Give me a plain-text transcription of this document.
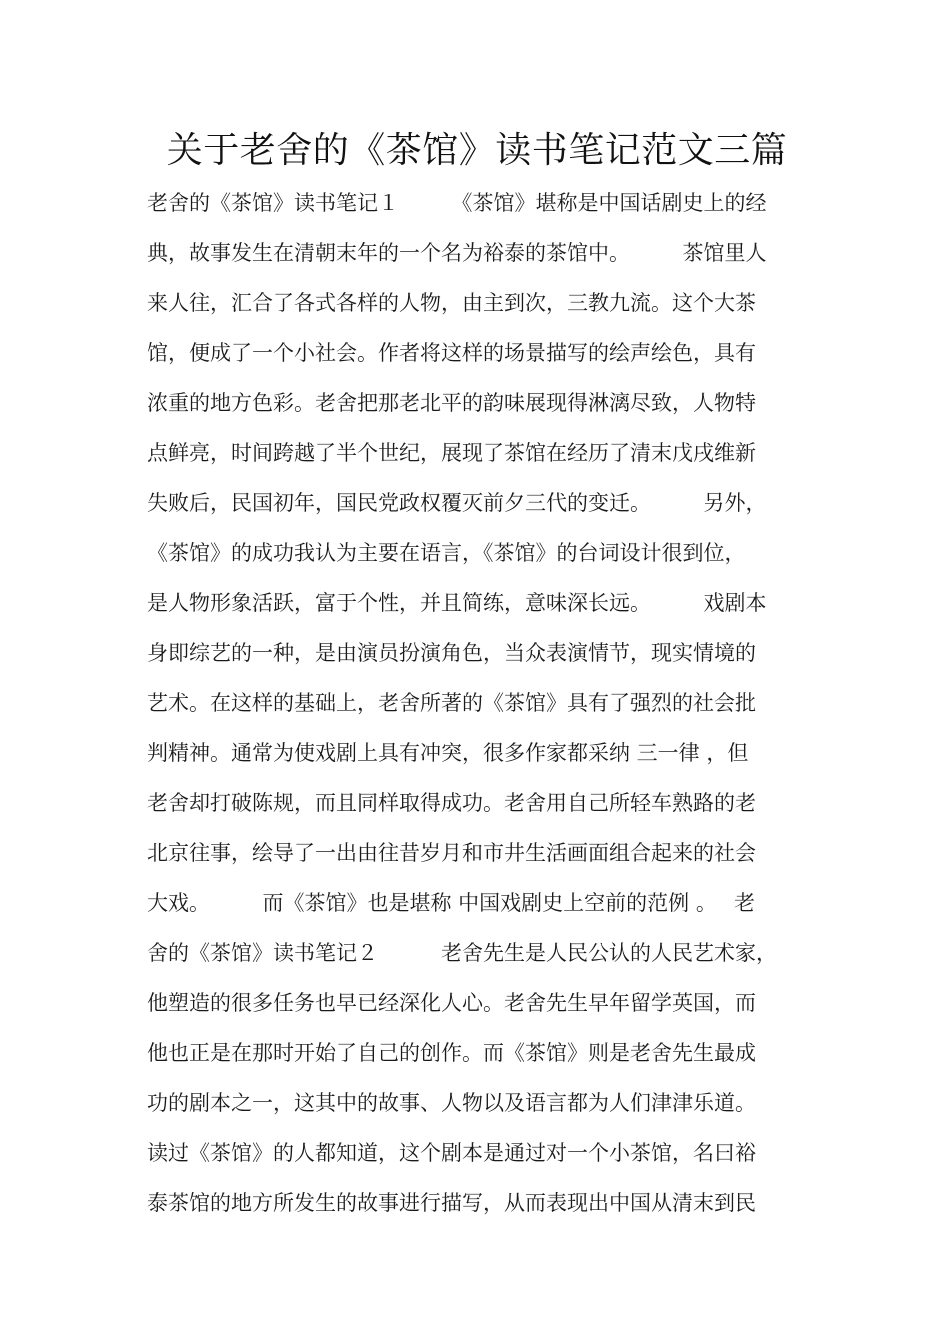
关于老舍的《茶馆》读书笔记范文三篇
老舍的《茶馆》读书笔记１　　　《茶馆》堪称是中国话剧史上的经
典，故事发生在清朝末年的一个名为裕泰的茶馆中。　　　茶馆里人
来人往，汇合了各式各样的人物，由主到次，三教九流。这个大茶
馆，便成了一个小社会。作者将这样的场景描写的绘声绘色，具有
浓重的地方色彩。老舍把那老北平的韵味展现得淋漓尽致，人物特
点鲜亮，时间跨越了半个世纪，展现了茶馆在经历了清末戊戌维新
失败后，民国初年，国民党政权覆灭前夕三代的变迁。　　　另外，
《茶馆》的成功我认为主要在语言，《茶馆》的台词设计很到位，
是人物形象活跃，富于个性，并且简练，意味深长远。　　　戏剧本
身即综艺的一种，是由演员扮演角色，当众表演情节，现实情境的
艺术。在这样的基础上，老舍所著的《茶馆》具有了强烈的社会批
判精神。通常为使戏剧上具有冲突，很多作家都采纳 三一律 ，但
老舍却打破陈规，而且同样取得成功。老舍用自己所轻车熟路的老
北京往事，绘导了一出由往昔岁月和市井生活画面组合起来的社会
大戏。　　　而《茶馆》也是堪称 中国戏剧史上空前的范例 。　 老
舍的《茶馆》读书笔记２　　　老舍先生是人民公认的人民艺术家，
他塑造的很多任务也早已经深化人心。老舍先生早年留学英国，而
他也正是在那时开始了自己的创作。而《茶馆》则是老舍先生最成
功的剧本之一，这其中的故事、人物以及语言都为人们津津乐道。
读过《茶馆》的人都知道，这个剧本是通过对一个小茶馆，名曰裕
泰茶馆的地方所发生的故事进行描写，从而表现出中国从清末到民
